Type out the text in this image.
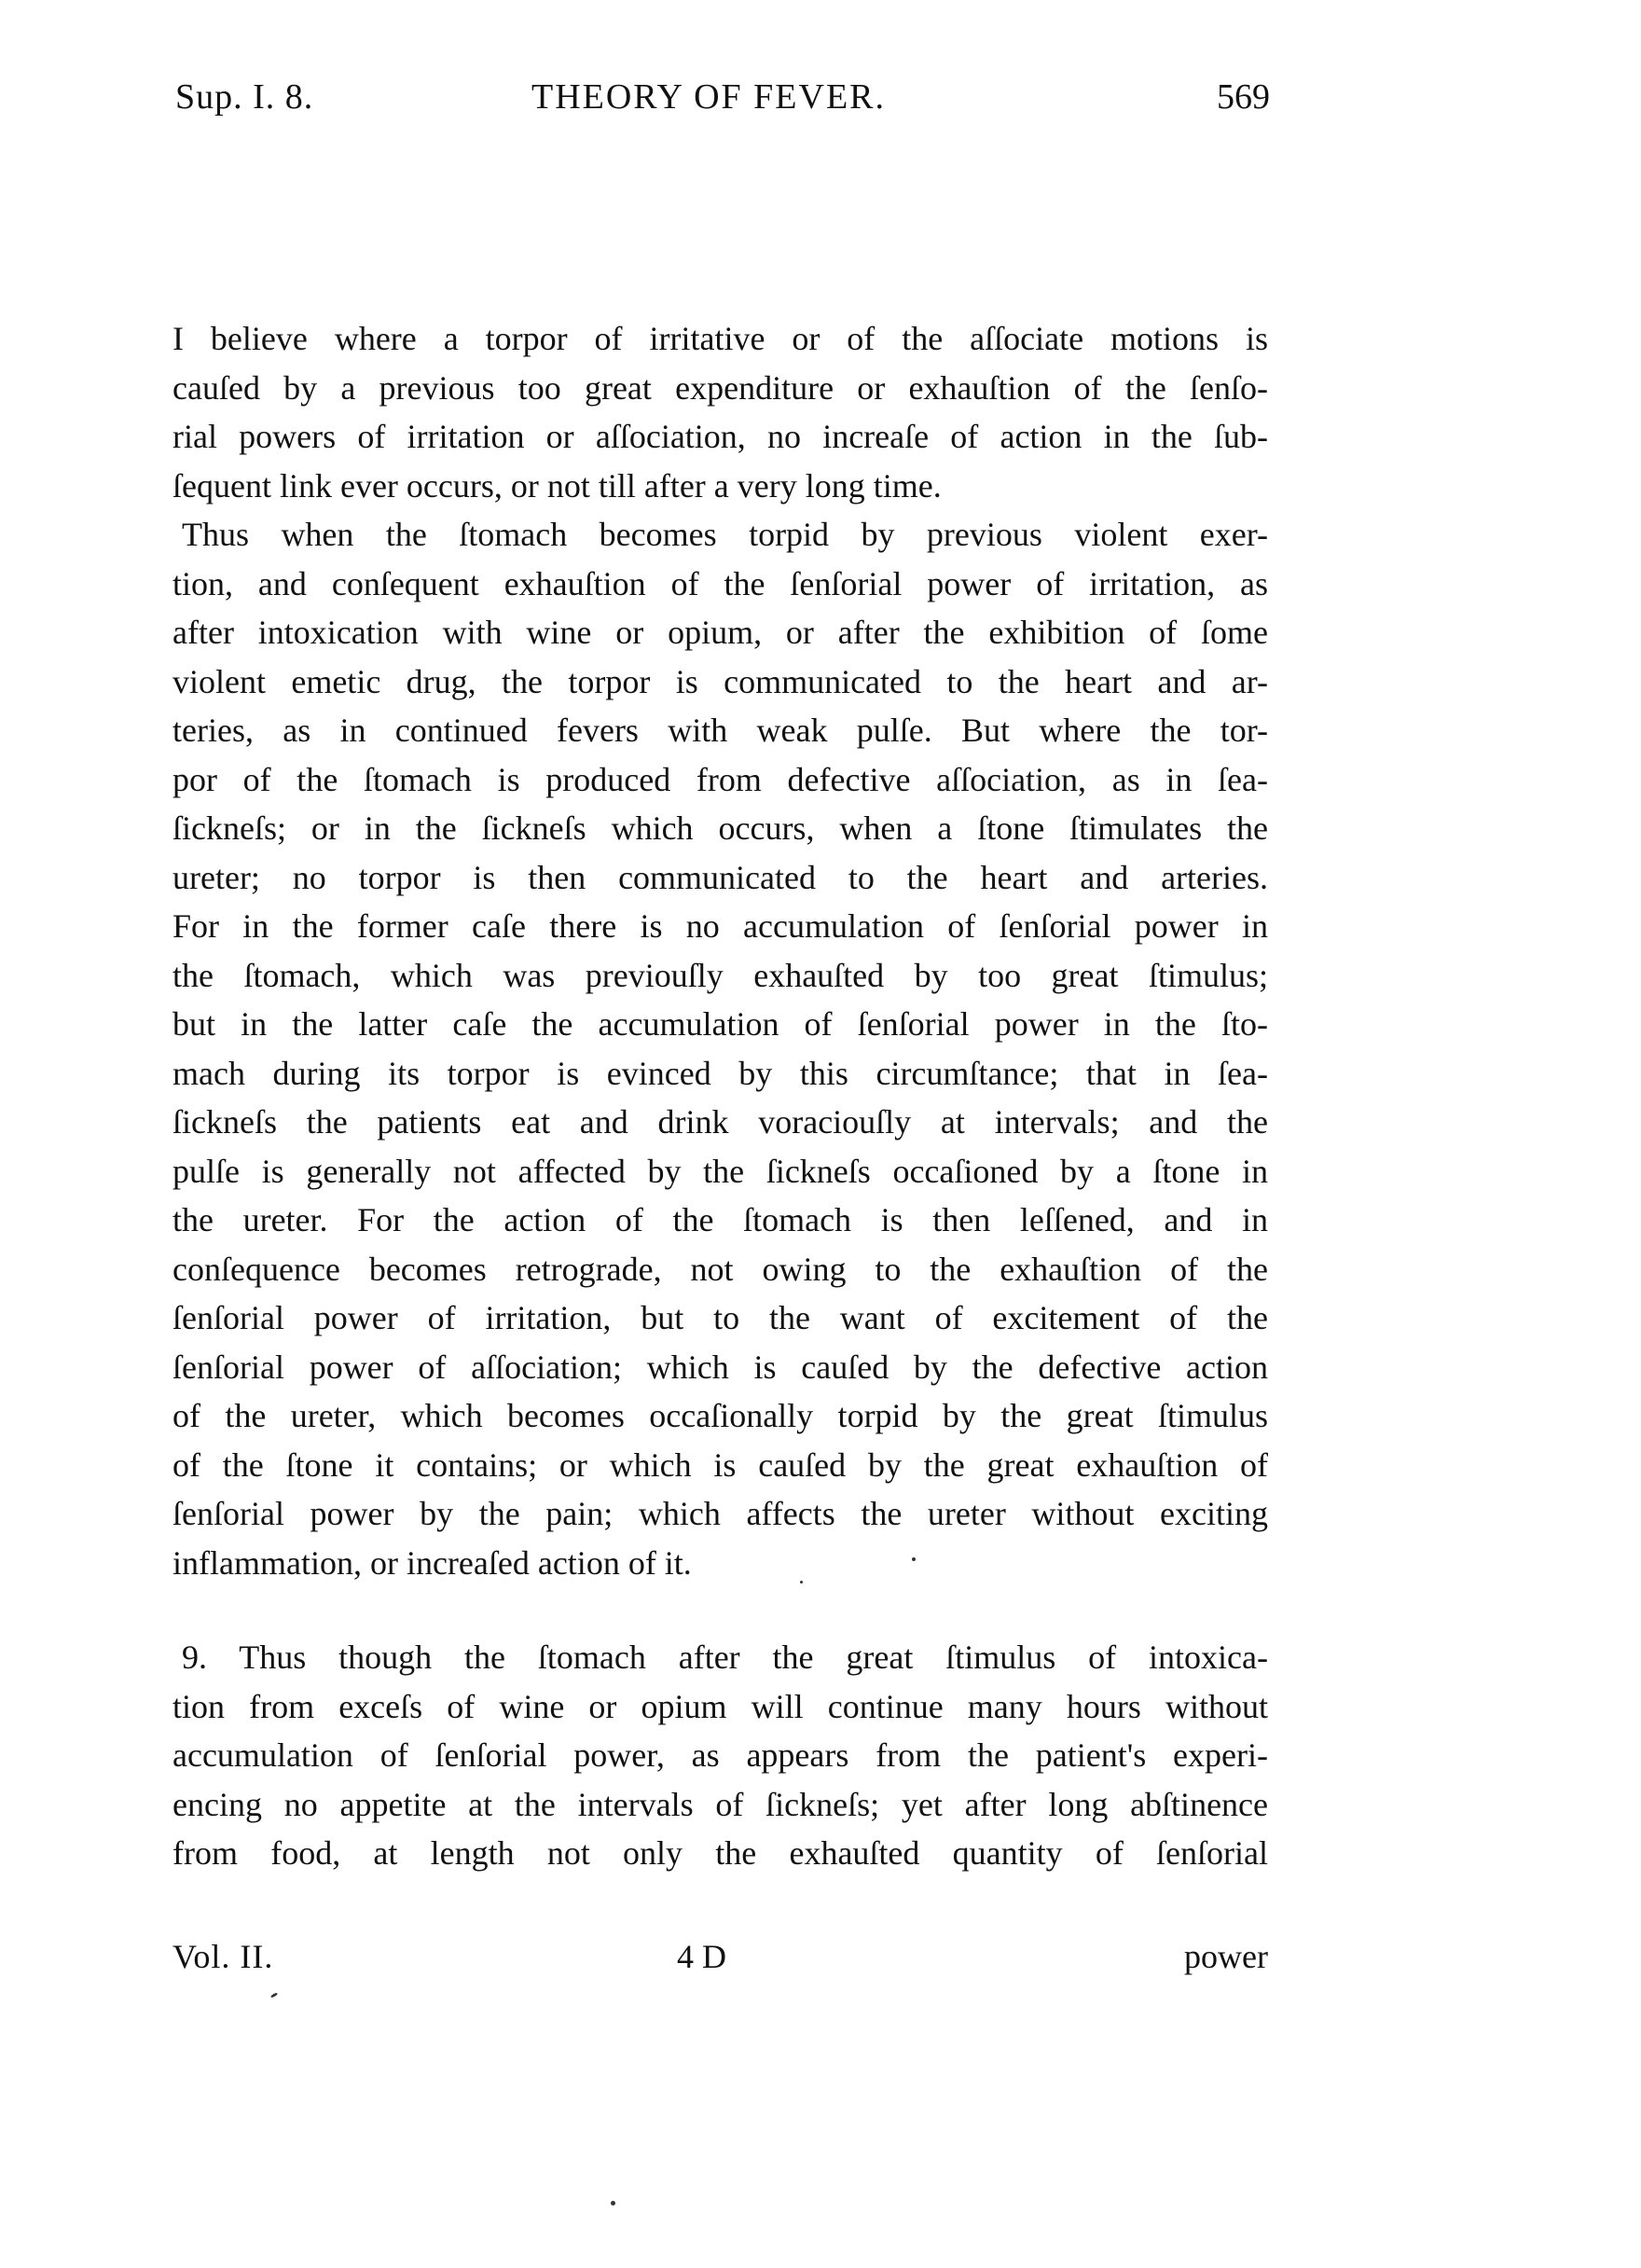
Sup. I. 8.	THEORY OF FEVER.	569
I believe where a torpor of irritative or of the aſſociate motions is
cauſed by a previous too great expenditure or exhauſtion of the ſenſo-
rial powers of irritation or aſſociation, no increaſe of action in the ſub-
ſequent link ever occurs, or not till after a very long time.
Thus when the ſtomach becomes torpid by previous violent exer-
tion, and conſequent exhauſtion of the ſenſorial power of irritation, as
after intoxication with wine or opium, or after the exhibition of ſome
violent emetic drug, the torpor is communicated to the heart and ar-
teries, as in continued fevers with weak pulſe. But where the tor-
por of the ſtomach is produced from defective aſſociation, as in ſea-
ſickneſs; or in the ſickneſs which occurs, when a ſtone ſtimulates the
ureter; no torpor is then communicated to the heart and arteries.
For in the former caſe there is no accumulation of ſenſorial power in
the ſtomach, which was previouſly exhauſted by too great ſtimulus;
but in the latter caſe the accumulation of ſenſorial power in the ſto-
mach during its torpor is evinced by this circumſtance; that in ſea-
ſickneſs the patients eat and drink voraciouſly at intervals; and the
pulſe is generally not affected by the ſickneſs occaſioned by a ſtone in
the ureter. For the action of the ſtomach is then leſſened, and in
conſequence becomes retrograde, not owing to the exhauſtion of the
ſenſorial power of irritation, but to the want of excitement of the
ſenſorial power of aſſociation; which is cauſed by the defective action
of the ureter, which becomes occaſionally torpid by the great ſtimulus
of the ſtone it contains; or which is cauſed by the great exhauſtion of
ſenſorial power by the pain; which affects the ureter without exciting
inflammation, or increaſed action of it.
9. Thus though the ſtomach after the great ſtimulus of intoxica-
tion from exceſs of wine or opium will continue many hours without
accumulation of ſenſorial power, as appears from the patient's experi-
encing no appetite at the intervals of ſickneſs; yet after long abſtinence
from food, at length not only the exhauſted quantity of ſenſorial
Vol. II.	4 D	power
